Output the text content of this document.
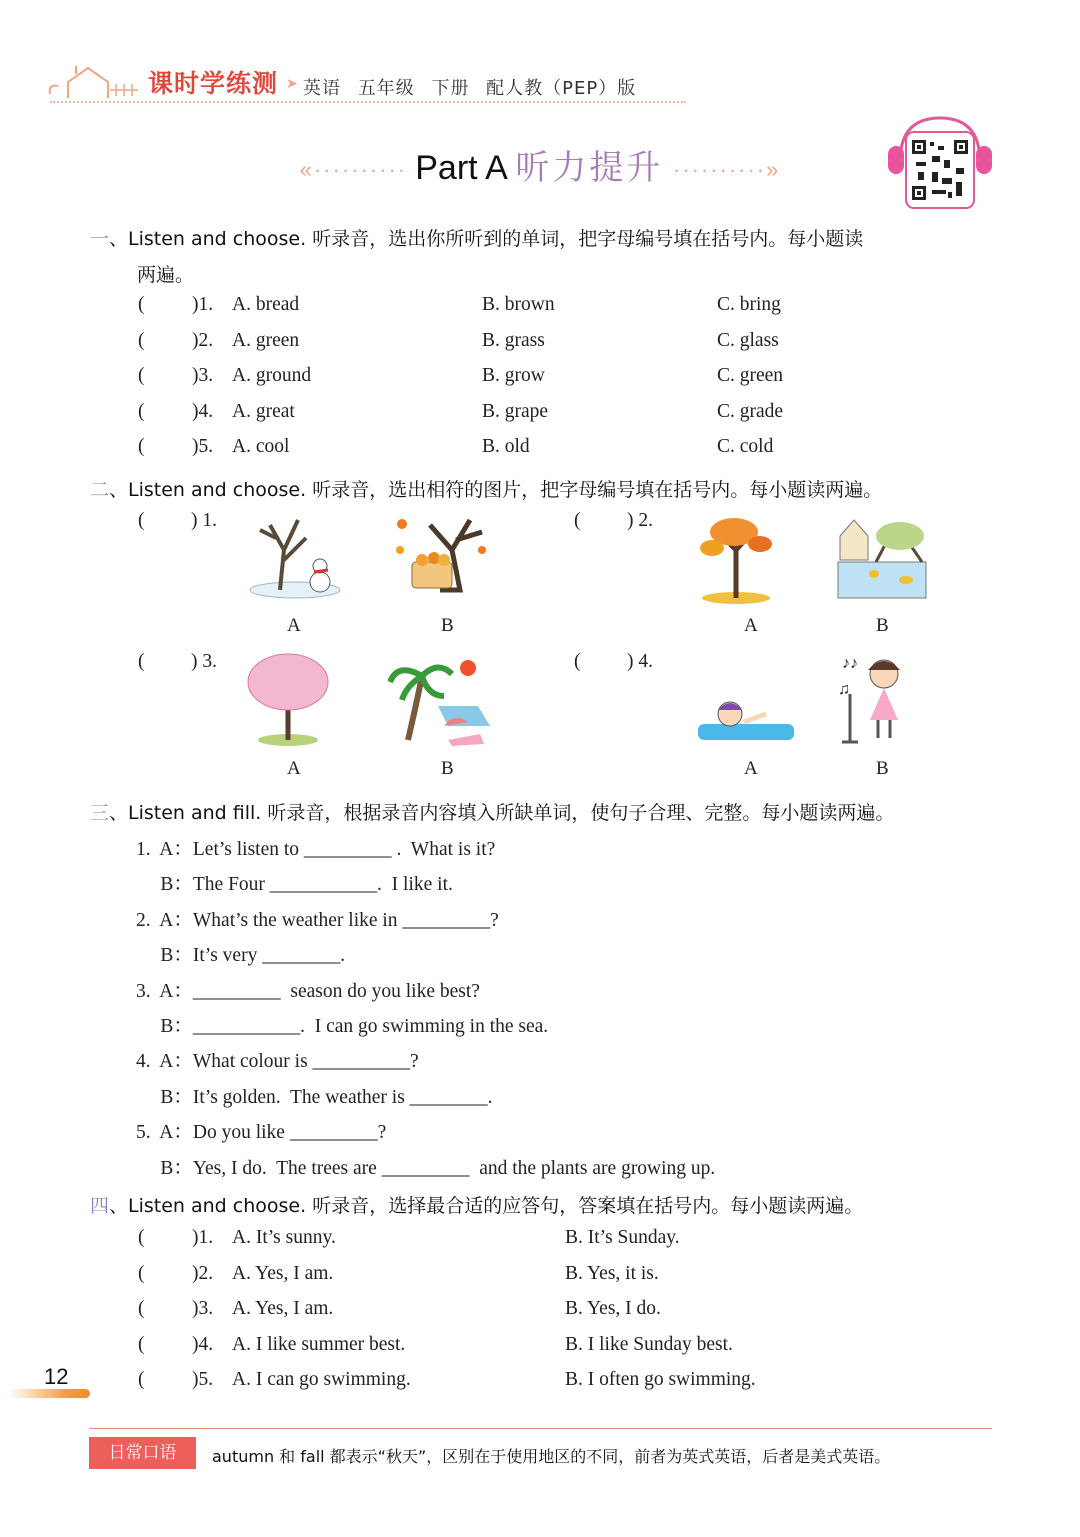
课时学练测 ➤ 英语 五年级 下册 配人教（PEP）版
«·········· Part A 听力提升 ··········»
一、Listen and choose. 听录音，选出你所听到的单词，把字母编号填在括号内。每小题读
两遍。
( )1. A. bread	B. brown	C. bring
( )2. A. green	B. grass	C. glass
( )3. A. ground	B. grow	C. green
( )4. A. great	B. grape	C. grade
( )5. A. cool	B. old	C. cold
二、Listen and choose. 听录音，选出相符的图片，把字母编号填在括号内。每小题读两遍。
( ) 1.
A	B
( ) 2.
A	B
( ) 3.
A	B
( ) 4.
A	B
♪♪
♫
三、Listen and fill. 听录音，根据录音内容填入所缺单词，使句子合理、完整。每小题读两遍。
1.  A：Let’s listen to _________ .  What is it?
B：The Four ___________.  I like it.
2.  A：What’s the weather like in _________?
B：It’s very ________.
3.  A：_________  season do you like best?
B：___________.  I can go swimming in the sea.
4.  A：What colour is __________?
B：It’s golden.  The weather is ________.
5.  A：Do you like _________?
B：Yes, I do.  The trees are _________  and the plants are growing up.
四、Listen and choose. 听录音，选择最合适的应答句，答案填在括号内。每小题读两遍。
( )1. A. It’s sunny.	B. It’s Sunday.
( )2. A. Yes, I am.	B. Yes, it is.
( )3. A. Yes, I am.	B. Yes, I do.
( )4. A. I like summer best.	B. I like Sunday best.
( )5. A. I can go swimming.	B. I often go swimming.
12
日常口语	autumn 和 fall 都表示“秋天”，区别在于使用地区的不同，前者为英式英语，后者是美式英语。
